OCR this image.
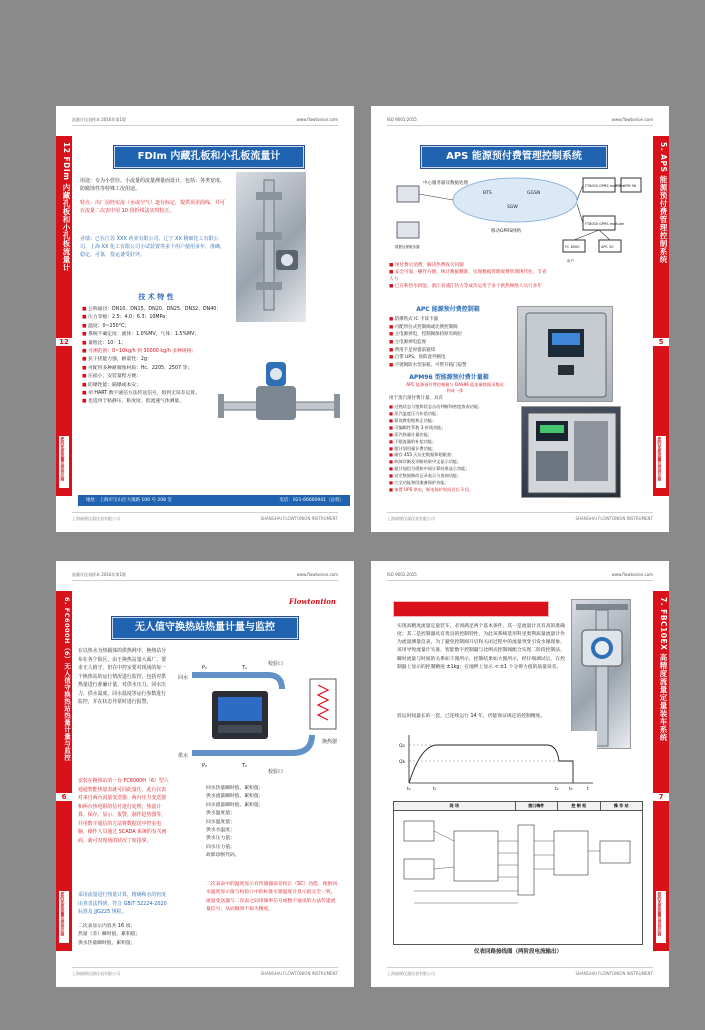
流量计仪表样本 2016年第1版	www.flowtonion.com
12 FDIm 内藏孔板和小孔板流量计
12
您的优质流量仪表供应商
FDIm 内藏孔板和小孔板流量计
用途：专为小管径、小流量的流量测量而设计，包括：各类宽度、防腐蚀性等特殊工况用途。
特点：出厂前经实流（水或空气）逐台标定，提供误差曲线，并可在流量二次表中用 10 段折线法实时校正。
业绩：已在江苏 XXX 药业有限公司、辽宁 XX 精细化工有限公司、上海 XX 化工有限公司小试装置等多个用户使用多年，准确、稳定、可靠，投运备受好评。
技 术 特 性
■ 公称通径：DN10、DN15、DN20、DN25、DN32、DN40；
■ 压力等级：2.5；4.0；6.3；10MPa；
■ 温度：0~250°C；
■ 系统不确定度：液体：1.0%MV，气体：1.5%MV；
■ 量程比：10：1；
■ 可测范围：0~10kg/h 到 30000 kg/h 多种规格；
■ 抗干扰能力强，耐震性：2g；
■ 可配用多种耐腐蚀材质：Hc、2205、2507 等；
■ 压损小，安装量程方便；
■ 防爆性能：隔爆或本安；
■ 用 HART 数字通信方法传送信号，俱到无误差运算。
■ 也适用于粘静压、粘度度、低流速气体测量。
地址：上海市宝山区大康路 100 号 208 室	电话：021-66600941（总机）
上海福顿仪器仪表有限公司	SHANGHAI FLOWTONION INSTRUMENT
ISO 9001:2015	www.flowtonion.com
5. APS 能源预付费管理控制系统
5
您的优质流量仪表供应商
APS 能源预付费管理控制系统
中心服务器及数据处理
BTS	GGSN
SGW
移动GPRS网络
FT8000 GPRS moduler
APM 96
FT8000 GPRS moduler
FC 6000	APC 30
用户
数据处理服务器
■ 预付费后消费，解决热费收欠问题
■ 安全可靠，操作方便，统计数据精准，实现数据管理收费管理现代化，节省人力
■ 已在和热水供能、浙江省浦江热力等成功运用于多个供热网络人员行多年
APC 能源预付费控制箱
■ 防爆铁式 IC 卡读卡器
■ 可配所位式控制阀或比例控制阀
■ 主电源掉电，控制阀保持原有阀位
■ 主电源掉电监视
■ 费用不足时提前通知
■ 自带 UPS，预防意外断电
■ 不锈钢防水型表箱，可带开箱门报警
APM96 型能源预付费计量箱
APC 能源预付费控制箱与 DAS96 能流量数据采集站构成一体
用于蒸汽预付费计量，具有
■ 过热状态与饱和状态自动判断和密度查表功能；
■ 蒸汽温度压力补偿功能；
■ 算误教彩饱和正功能；
■ 可编辑性系数 3 折线功能；
■ 蒸汽热量计量功能；
■ 下限流量的补偿功能；
■ 超计划用量计费功能；
■ 储存 455 天历史数据和超限查；
■ 故障诊断及诊断结果中文显示功能；
■ 超计划信号缓和中间计算结果显示功能；
■ 设定数据修改记录表示与查询功能；
■ 穴全功能和回滚备保护功能；
■ 备置 UPS 供电，断电保护时间近长 3 倍。
上海福顿仪器仪表有限公司	SHANGHAI FLOWTONION INSTRUMENT
流量计仪表样本 2016年第1版	www.flowtonion.com
6. FC6000H（6）无人值守换热站热量计量与监控
6
您的优质流量仪表供应商
Flowtontion
无人值守换热站热量计量与监控
在以热水为热载体的供热网中，换热站分布在各个街区，由于换热站量大面广，要求无人值守，但在中控室要对现场的每一个换热站的运行情况进行监控，包括对供热量进行准确计量，对供水压力、回水压力、供水温度、回水温度等运行参数进行监控，并在状态异常时进行报警。
回水
供水
校验口
校验口
P₁
P₂
T₁
T₂
换热器
安装在换热站的一台 FC6000H（6）型六通通智能热量表就可同此量住，此台仪表对来自两台流量变送器、两台压力变送器和两台热电阻的信号进行处理，热量计算，保存、显示、报警，制作趋势图等，并用数字通信的方法将数据送中控室电脑，操作人员通过 SCADA 系统的有关画面，就可对现场的状况了如指掌。
采用流量进行热量计算，精确和水的密度由查表法得到，符合 GB/T 32224-2020 标准及 JJG225 规程。
二次表显示内容共 16 项：
热量（差）瞬时值、累积值；
供水热量瞬时值、累积值；
回水热量瞬时值、累积值；
供水流量瞬时值、累积值；
回水流量瞬时值、累积值；
供水温度值；
回水温度值；
供水水温度；
供水压力值；
回水压力值；
故障诊断代码。
二次表表中的温度显示有传感器误差校正（SC）功能，使供回水温度显示值与检验口中的标准水银温度计显示值完全一致，流量变送器与二次表之间用频率信号或数字通讯的方法传递流量信号，从而做到不损失精度。
上海福顿仪器仪表有限公司	SHANGHAI FLOWTONION INSTRUMENT
ISO 9001:2015	www.flowtonion.com
7. FBC10EX 高精度流量定量装车系统
7
您的优质流量仪表供应商
FBC10EX 高精度流量定量装车系统
实现高精度流量定量装车，必须满足两个基本条件，其一是流量计具有高的准确度；其二是控制器具有优良的控制特性，为此该系统选用科里奥利质量流量计作为流量测量仪表，为了避免控制阀开启和关闭过程中的流量突变引发水锤现象，该用导致流量计失准，智能数字控制器与比例式控制阀配合实现二阶段控制法，瞬时流量与时间的关系如下图所示，控制结果如大图所示，经仔细调试后，在控制器上显示的控制精度 ±1kg；在地秤上显示 < ±1 个分辨力值的质量误差。
投运时间最长的一套，已连续运行 14 年，仍能保证规定的控制精度。
Qs
Qk
t₀	t₁	t₂ t₃	t
现 场	接口端件	控 制 柜	操 作 站
仪表回路接线图（两阶段电流输出）
上海福顿仪器仪表有限公司	SHANGHAI FLOWTONION INSTRUMENT
